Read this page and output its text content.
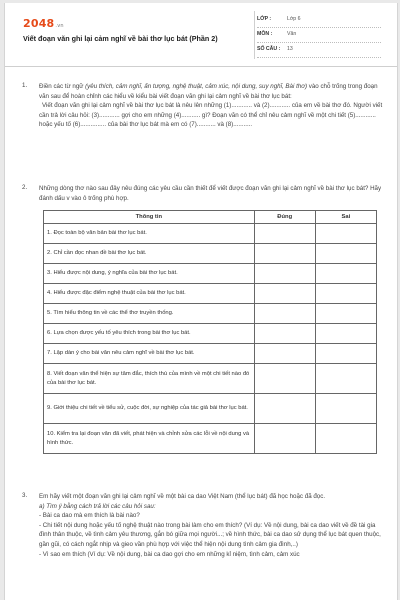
2048.vn
Viết đoạn văn ghi lại cảm nghĩ về bài thơ lục bát (Phần 2)
LỚP :	Lớp 6
MÔN :	Văn
SỐ CÂU : 13
1. Điền các từ ngữ (yêu thích, cảm nghĩ, ấn tượng, nghệ thuật, cảm xúc, nội dung, suy nghĩ, Bài thơ) vào chỗ trống trong đoạn văn sau để hoàn chỉnh các hiểu về kiểu bài viết đoạn văn ghi lại cảm nghĩ về bài thơ lục bát:

Viết đoạn văn ghi lại cảm nghĩ về bài thơ lục bát là nêu lên những (1)............ và (2)............ của em về bài thơ đó. Người viết cần trả lời câu hỏi: (3)............ gợi cho em những (4)........... gì? Đoạn văn có thể chỉ nêu cảm nghĩ về một chi tiết (5)............ hoặc yếu tố (6)............... của bài thơ lục bát mà em có (7)........... và (8)...........

2. Những dòng thơ nào sau đây nêu đúng các yêu cầu cần thiết để viết được đoạn văn ghi lại cảm nghĩ về bài thơ lục bát? Hãy đánh dấu v vào ô trống phù hợp.
Thông tin	Đúng	Sai
1. Đọc toàn bộ văn bản bài thơ lục bát.		
2. Chỉ cần đọc nhan đề bài thơ lục bát.		
3. Hiểu được nội dung, ý nghĩa của bài thơ lục bát.		
4. Hiểu được đặc điểm nghệ thuật của bài thơ lục bát.		
5. Tìm hiểu thông tin về các thể thơ truyền thống.		
6. Lựa chọn được yếu tố yêu thích trong bài thơ lục bát.		
7. Lập dàn ý cho bài văn nêu cảm nghĩ về bài thơ lục bát.		
8. Viết đoạn văn thể hiện sự tâm đắc, thích thú của mình về một chi tiết nào đó của bài thơ lục bát.		
9. Giới thiệu chi tiết về tiểu sử, cuộc đời, sự nghiệp của tác giả bài thơ lục bát.		
10. Kiểm tra lại đoạn văn đã viết, phát hiện và chỉnh sửa các lỗi về nội dung và hình thức.		
3. Em hãy viết một đoạn văn ghi lại cảm nghĩ về một bài ca dao Việt Nam (thể lục bát) đã học hoặc đã đọc.

a) Tìm ý bằng cách trả lời các câu hỏi sau:

- Bài ca dao mà em thích là bài nào?

- Chi tiết nội dung hoặc yếu tố nghệ thuật nào trong bài làm cho em thích? (Ví dụ: Về nội dung, bài ca dao viết về đề tài gia đình thân thuộc, về tình cảm yêu thương, gắn bó giữa mọi người...; về hình thức, bài ca dao sử dụng thể lục bát quen thuộc, gần gũi, có cách ngắt nhịp và gieo vần phù hợp với việc thể hiện nội dung tình cảm gia đình,..)

- Vì sao em thích (Ví dụ: Về nội dung, bài ca dao gợi cho em những kỉ niệm, tình cảm, cảm xúc
